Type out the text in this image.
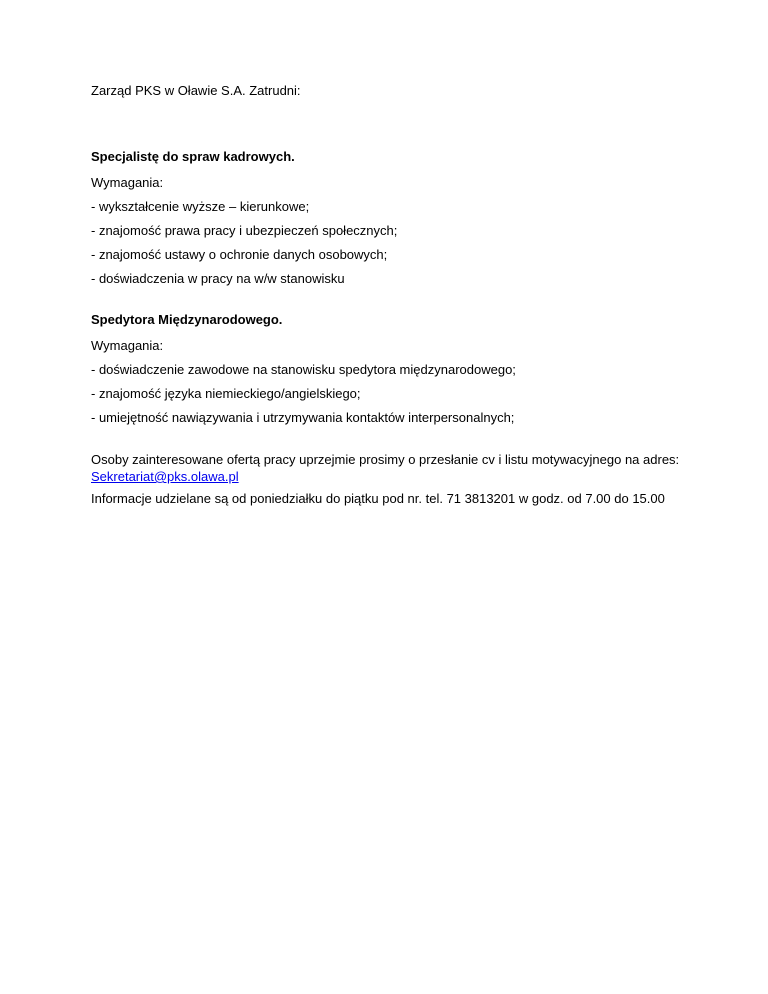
Zarząd PKS w Oławie S.A. Zatrudni:

Specjalistę do spraw kadrowych.

Wymagania:

- wykształcenie wyższe – kierunkowe;

- znajomość prawa pracy i ubezpieczeń społecznych;

- znajomość ustawy o ochronie danych osobowych;

- doświadczenia w pracy na w/w stanowisku

Spedytora Międzynarodowego.

Wymagania:

- doświadczenie zawodowe na stanowisku spedytora międzynarodowego;

- znajomość języka niemieckiego/angielskiego;

- umiejętność nawiązywania i utrzymywania kontaktów interpersonalnych;

Osoby zainteresowane ofertą pracy uprzejmie prosimy o przesłanie cv i listu motywacyjnego na adres: Sekretariat@pks.olawa.pl

Informacje udzielane są od poniedziałku do piątku pod nr. tel. 71 3813201 w godz. od 7.00 do 15.00
